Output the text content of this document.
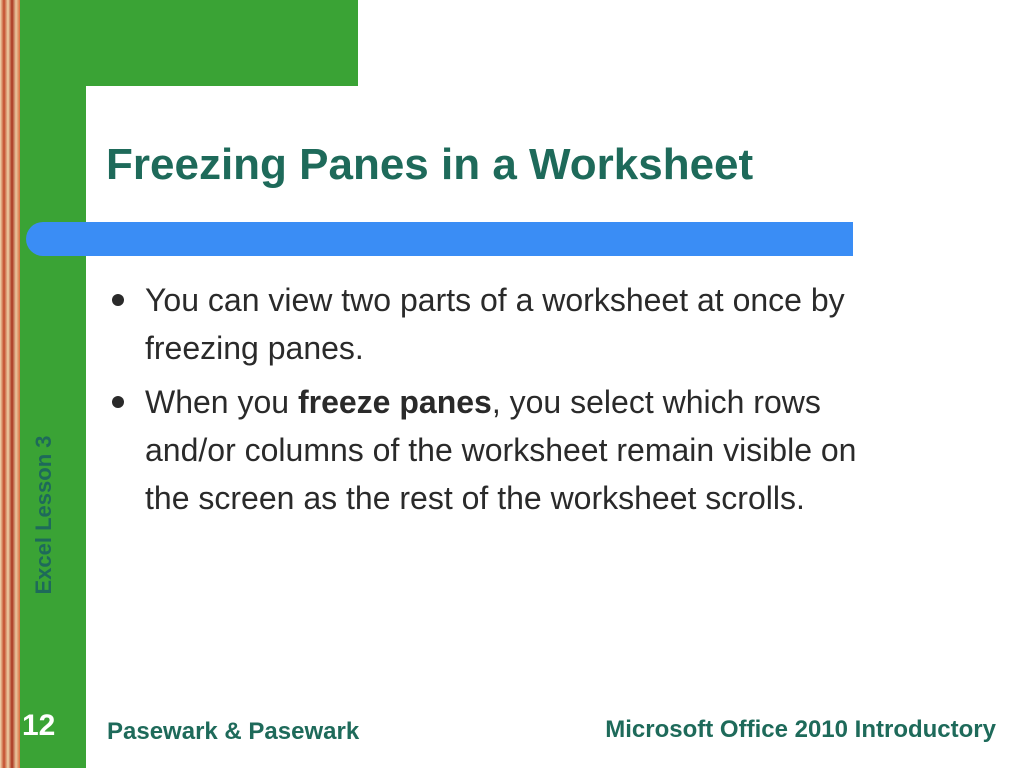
Freezing Panes in a Worksheet
You can view two parts of a worksheet at once by freezing panes.
When you freeze panes, you select which rows and/or columns of the worksheet remain visible on the screen as the rest of the worksheet scrolls.
Excel Lesson 3
12 Pasewark & Pasewark	Microsoft Office 2010 Introductory
